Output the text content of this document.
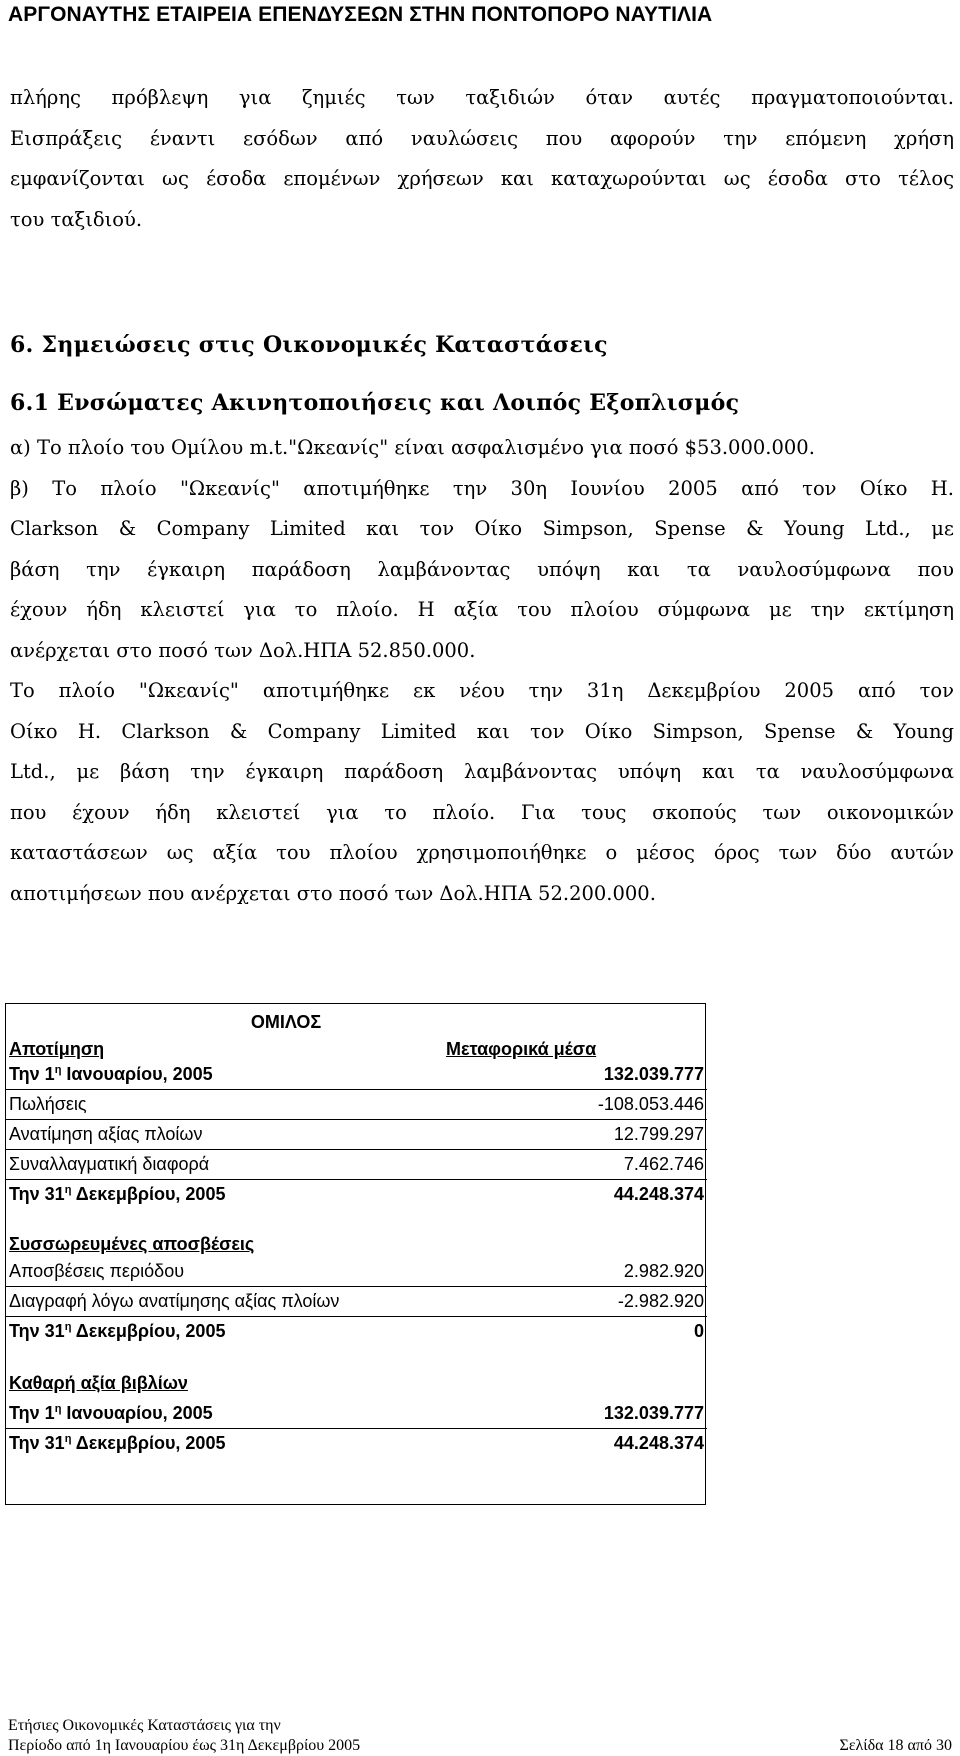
ΑΡΓΟΝΑΥΤΗΣ ΕΤΑΙΡΕΙΑ ΕΠΕΝΔΥΣΕΩΝ ΣΤΗΝ ΠΟΝΤΟΠΟΡΟ ΝΑΥΤΙΛΙΑ
πλήρης πρόβλεψη για ζημιές των ταξιδιών όταν αυτές πραγματοποιούνται.
Εισπράξεις έναντι εσόδων από ναυλώσεις που αφορούν την επόμενη χρήση
εμφανίζονται ως έσοδα επομένων χρήσεων και καταχωρούνται ως έσοδα στο τέλος
του ταξιδιού.
6. Σημειώσεις στις Οικονομικές Καταστάσεις
6.1 Ενσώματες Ακινητοποιήσεις και Λοιπός Εξοπλισμός
α) Το πλοίο του Ομίλου m.t."Ωκεανίς" είναι ασφαλισμένο για ποσό $53.000.000.
β) Το πλοίο "Ωκεανίς" αποτιμήθηκε την 30η Ιουνίου 2005 από τον Οίκο H.
Clarkson & Company Limited και τον Οίκο Simpson, Spense & Young Ltd., με
βάση την έγκαιρη παράδοση λαμβάνοντας υπόψη και τα ναυλοσύμφωνα που
έχουν ήδη κλειστεί για το πλοίο. Η αξία του πλοίου σύμφωνα με την εκτίμηση
ανέρχεται στο ποσό των Δολ.ΗΠΑ 52.850.000.
Το πλοίο "Ωκεανίς" αποτιμήθηκε εκ νέου την 31η Δεκεμβρίου 2005 από τον
Οίκο H. Clarkson & Company Limited και τον Οίκο Simpson, Spense & Young
Ltd., με βάση την έγκαιρη παράδοση λαμβάνοντας υπόψη και τα ναυλοσύμφωνα
που έχουν ήδη κλειστεί για το πλοίο. Για τους σκοπούς των οικονομικών
καταστάσεων ως αξία του πλοίου χρησιμοποιήθηκε ο μέσος όρος των δύο αυτών
αποτιμήσεων που ανέρχεται στο ποσό των Δολ.ΗΠΑ 52.200.000.
ΟΜΙΛΟΣ
Αποτίμηση	Μεταφορικά μέσα
Την $1^\eta$ Ιανουαρίου, 2005	132.039.777
Πωλήσεις	-108.053.446
Ανατίμηση αξίας πλοίων	12.799.297
Συναλλαγματική διαφορά	7.462.746
Την $31^\eta$ Δεκεμβρίου, 2005	44.248.374
Συσσωρευμένες αποσβέσεις
Αποσβέσεις περιόδου	2.982.920
Διαγραφή λόγω ανατίμησης αξίας πλοίων	-2.982.920
Την $31^\eta$ Δεκεμβρίου, 2005	0
Καθαρή αξία βιβλίων
Την $1^\eta$ Ιανουαρίου, 2005	132.039.777
Την $31^\eta$ Δεκεμβρίου, 2005	44.248.374
Ετήσιες Οικονομικές Καταστάσεις για την
Περίοδο από 1η Ιανουαρίου έως 31η Δεκεμβρίου 2005	Σελίδα 18 από 30
